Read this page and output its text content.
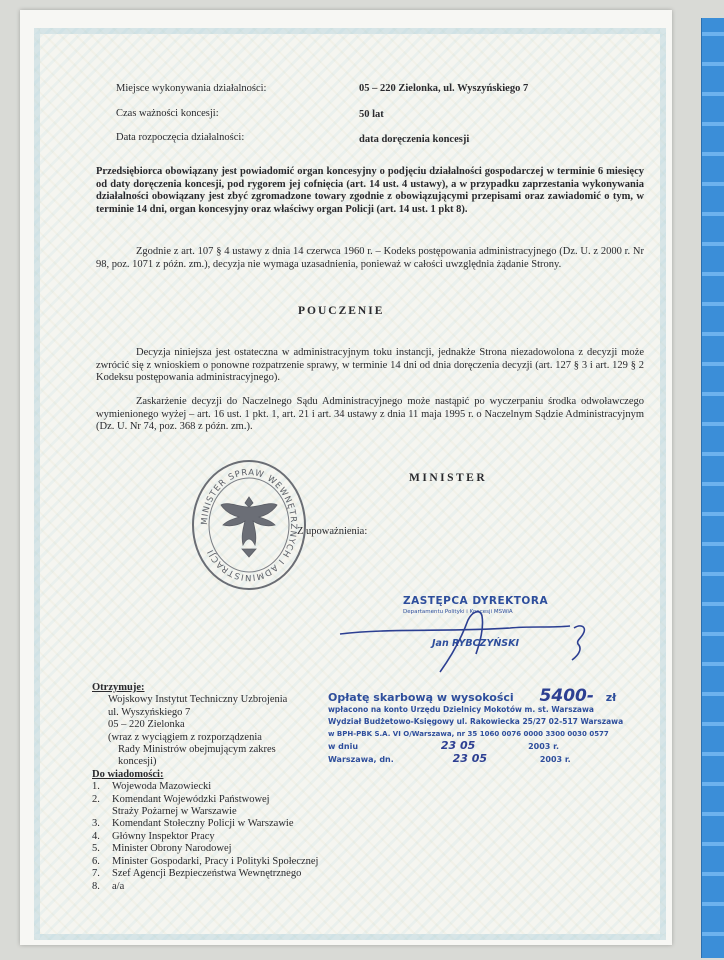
Miejsce wykonywania działalności:	05 – 220 Zielonka, ul. Wyszyńskiego 7
Czas ważności koncesji:	50 lat
Data rozpoczęcia działalności:	data doręczenia koncesji
Przedsiębiorca obowiązany jest powiadomić organ koncesyjny o podjęciu działalności gospodarczej w terminie 6 miesięcy od daty doręczenia koncesji, pod rygorem jej cofnięcia (art. 14 ust. 4 ustawy), a w przypadku zaprzestania wykonywania działalności obowiązany jest zbyć zgromadzone towary zgodnie z obowiązującymi przepisami oraz zawiadomić o tym, w terminie 14 dni, organ koncesyjny oraz właściwy organ Policji (art. 14 ust. 1 pkt 8).
Zgodnie z art. 107 § 4 ustawy z dnia 14 czerwca 1960 r. – Kodeks postępowania administracyjnego (Dz. U. z 2000 r. Nr 98, poz. 1071 z późn. zm.), decyzja nie wymaga uzasadnienia, ponieważ w całości uwzględnia żądanie Strony.
POUCZENIE
Decyzja niniejsza jest ostateczna w administracyjnym toku instancji, jednakże Strona niezadowolona z decyzji może zwrócić się z wnioskiem o ponowne rozpatrzenie sprawy, w terminie 14 dni od dnia doręczenia decyzji (art. 127 § 3 i art. 129 § 2 Kodeksu postępowania administracyjnego).
Zaskarżenie decyzji do Naczelnego Sądu Administracyjnego może nastąpić po wyczerpaniu środka odwoławczego wymienionego wyżej – art. 16 ust. 1 pkt. 1, art. 21 i art. 34 ustawy z dnia 11 maja 1995 r. o Naczelnym Sądzie Administracyjnym (Dz. U. Nr 74, poz. 368 z późn. zm.).
MINISTER SPRAW WEWNĘTRZNYCH I ADMINISTRACJI
MINISTER
Z upoważnienia:
ZASTĘPCA DYREKTORA
Departamentu Polityki i Koncesji MSWiA
Jan RYBCZYŃSKI
Otrzymuje:
Wojskowy Instytut Techniczny Uzbrojenia
ul. Wyszyńskiego 7
05 – 220 Zielonka
(wraz z wyciągiem z rozporządzenia
Rady Ministrów obejmującym zakres
koncesji)
Do wiadomości:
1.	Wojewoda Mazowiecki
2.	Komendant Wojewódzki Państwowej
Straży Pożarnej w Warszawie
3.	Komendant Stołeczny Policji w Warszawie
4.	Główny Inspektor Pracy
5.	Minister Obrony Narodowej
6.	Minister Gospodarki, Pracy i Polityki Społecznej
7.	Szef Agencji Bezpieczeństwa Wewnętrznego
8.	a/a
Opłatę skarbową w wysokości 5400- zł
wpłacono na konto Urzędu Dzielnicy Mokotów m. st. Warszawa
Wydział Budżetowo-Księgowy ul. Rakowiecka 25/27 02-517 Warszawa
w BPH-PBK S.A. VI O/Warszawa, nr 35 1060 0076 0000 3300 0030 0577
w dniu	23 05	2003 r.
Warszawa, dn.	23 05	2003 r.
